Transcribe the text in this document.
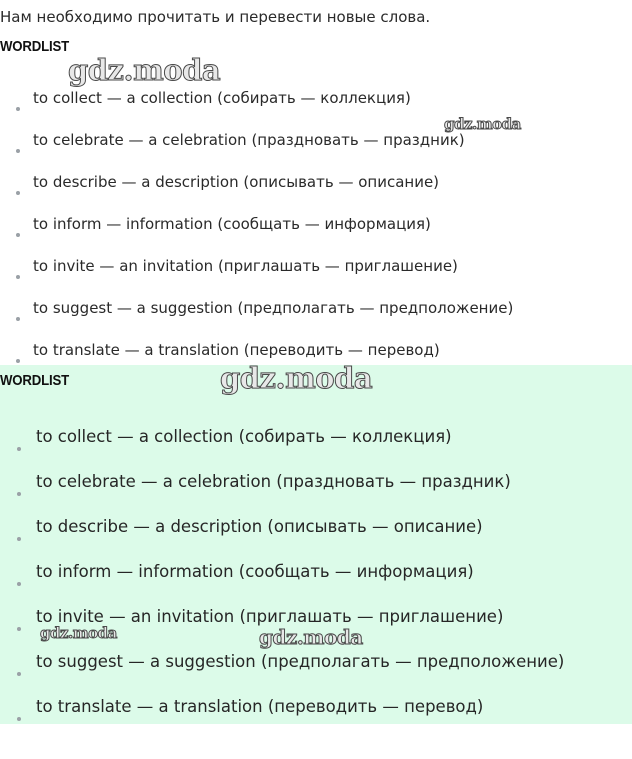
Нам необходимо прочитать и перевести новые слова.
WORDLIST
to collect — a collection (собирать — коллекция)
to celebrate — a celebration (праздновать — праздник)
to describe — a description (описывать — описание)
to inform — information (сообщать — информация)
to invite — an invitation (приглашать — приглашение)
to suggest — a suggestion (предполагать — предположение)
to translate — a translation (переводить — перевод)
WORDLIST
to collect — a collection (собирать — коллекция)
to celebrate — a celebration (праздновать — праздник)
to describe — a description (описывать — описание)
to inform — information (сообщать — информация)
to invite — an invitation (приглашать — приглашение)
to suggest — a suggestion (предполагать — предположение)
to translate — a translation (переводить — перевод)
gdz.moda
gdz.moda
gdz.moda
gdz.moda	gdz.moda
